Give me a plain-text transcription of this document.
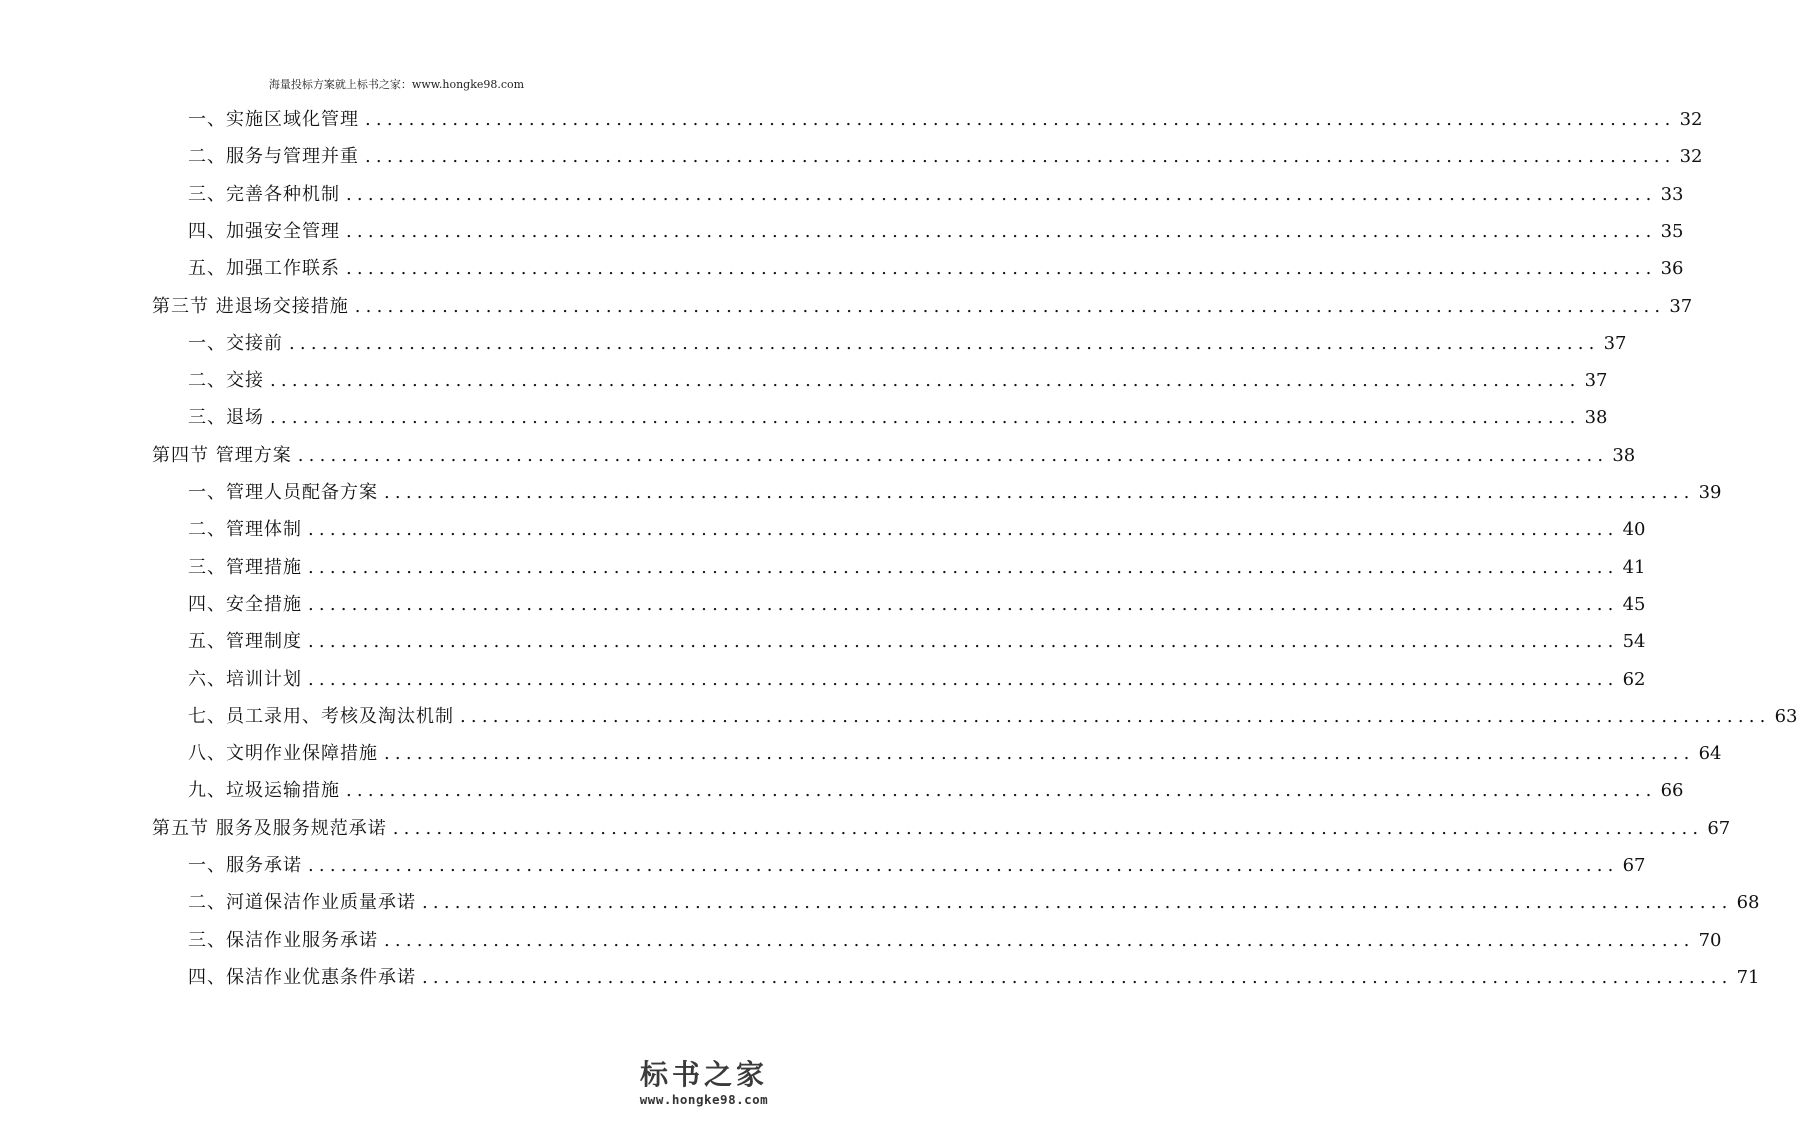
海量投标方案就上标书之家：www.hongke98.com
一、实施区域化管理 ........................................................................................................................ 32
二、服务与管理并重 ........................................................................................................................ 32
三、完善各种机制 ........................................................................................................................ 33
四、加强安全管理 ........................................................................................................................ 35
五、加强工作联系 ........................................................................................................................ 36
第三节 进退场交接措施 ........................................................................................................................ 37
一、交接前 ........................................................................................................................ 37
二、交接 ........................................................................................................................ 37
三、退场 ........................................................................................................................ 38
第四节 管理方案 ........................................................................................................................ 38
一、管理人员配备方案 ........................................................................................................................ 39
二、管理体制 ........................................................................................................................ 40
三、管理措施 ........................................................................................................................ 41
四、安全措施 ........................................................................................................................ 45
五、管理制度 ........................................................................................................................ 54
六、培训计划 ........................................................................................................................ 62
七、员工录用、考核及淘汰机制 ........................................................................................................................ 63
八、文明作业保障措施 ........................................................................................................................ 64
九、垃圾运输措施 ........................................................................................................................ 66
第五节 服务及服务规范承诺 ........................................................................................................................ 67
一、服务承诺 ........................................................................................................................ 67
二、河道保洁作业质量承诺 ........................................................................................................................ 68
三、保洁作业服务承诺 ........................................................................................................................ 70
四、保洁作业优惠条件承诺 ........................................................................................................................ 71
标书之家
www.hongke98.com
